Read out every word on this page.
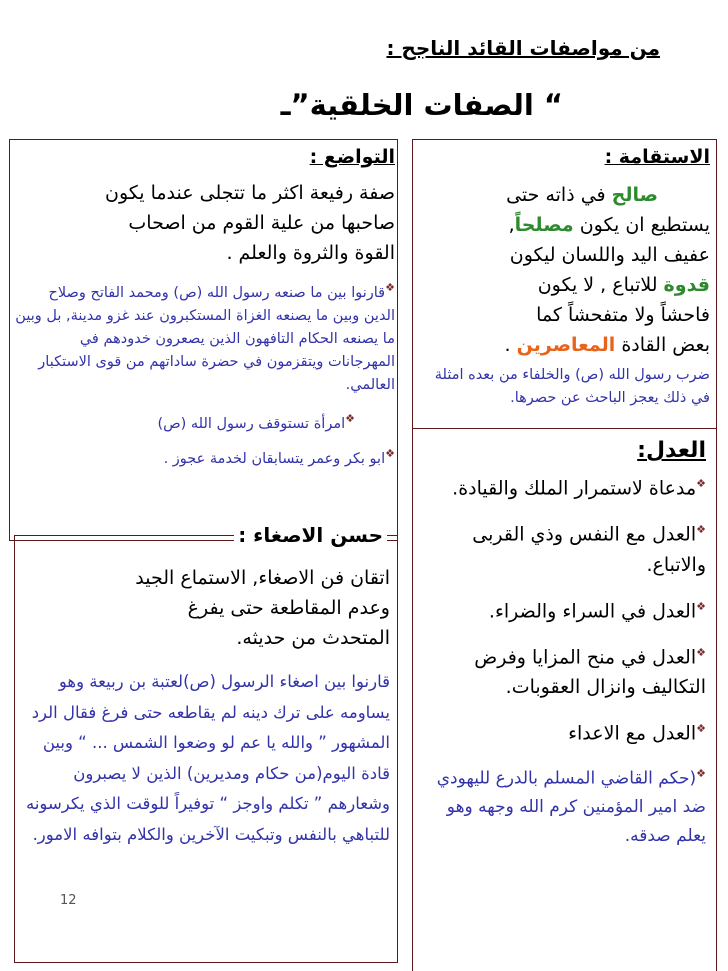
من مواصفات القائد الناجح :
“ الصفات الخلقية”ـ
الاستقامة :
صالح في ذاته حتى
يستطيع ان يكون مصلحاً,
عفيف اليد واللسان ليكون
قدوة للاتباع , لا يكون
فاحشاً ولا متفحشاً كما
بعض القادة المعاصرين .
ضرب رسول الله (ص) والخلفاء من بعده امثلة في ذلك يعجز الباحث عن حصرها.
التواضع :
صفة رفيعة اكثر ما تتجلى عندما يكون
صاحبها من علية القوم من اصحاب
القوة والثروة والعلم .
❖قارنوا بين ما صنعه رسول الله (ص) ومحمد الفاتح وصلاح الدين وبين ما يصنعه الغزاة المستكبرون عند غزو مدينة, بل وبين ما يصنعه الحكام التافهون الذين يصعرون خدودهم في المهرجانات ويتقزمون في حضرة ساداتهم من قوى الاستكبار العالمي.
❖امرأة تستوقف رسول الله (ص)
❖ابو بكر وعمر يتسابقان لخدمة عجوز .	العدل:
❖مدعاة لاستمرار الملك والقيادة.
❖العدل مع النفس وذي القربى والاتباع.
❖العدل في السراء والضراء.
❖العدل في منح المزايا وفرض التكاليف وانزال العقوبات.
❖العدل مع الاعداء
❖(حكم القاضي المسلم بالدرع لليهودي ضد امير المؤمنين كرم الله وجهه وهو يعلم صدقه.
حسن الاصغاء :
اتقان فن الاصغاء, الاستماع الجيد
وعدم المقاطعة حتى يفرغ
المتحدث من حديثه.
قارنوا بين اصغاء الرسول (ص)لعتبة بن ربيعة وهو يساومه على ترك دينه لم يقاطعه حتى فرغ فقال الرد المشهور ” والله يا عم لو وضعوا الشمس ... “ وبين قادة اليوم(من حكام ومديرين) الذين لا يصبرون وشعارهم ” تكلم واوجز “ توفيراً للوقت الذي يكرسونه للتباهي بالنفس وتبكيت الآخرين والكلام بتوافه الامور.
12
